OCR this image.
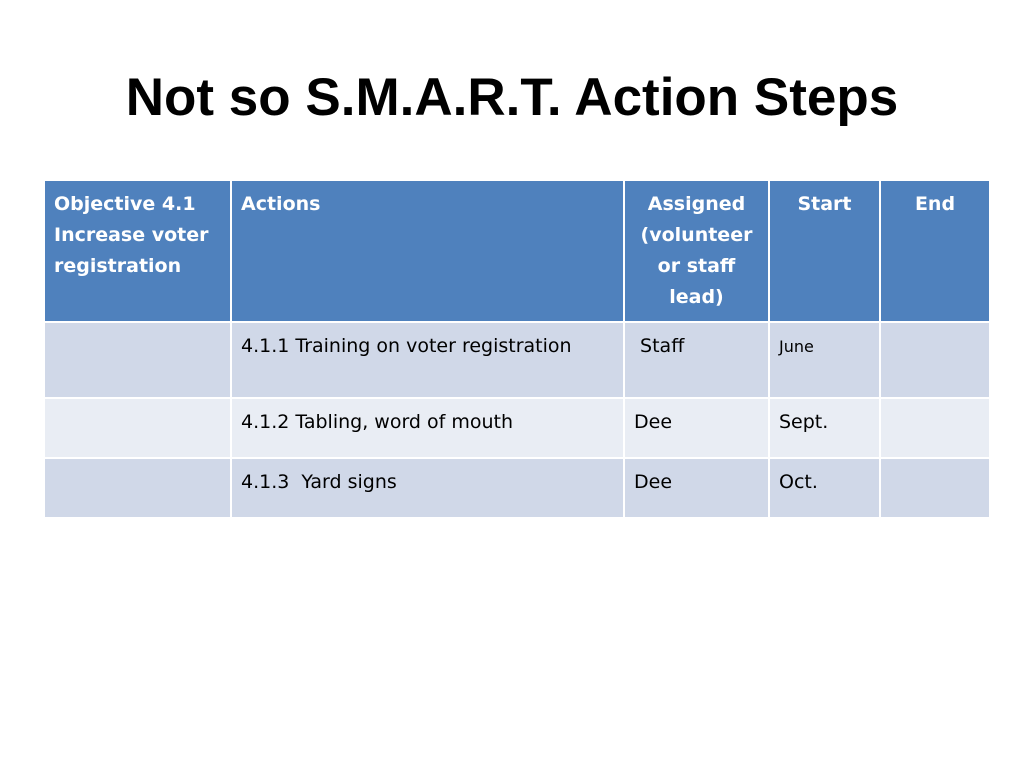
Not so S.M.A.R.T. Action Steps
Objective 4.1 Increase voter registration	Actions	Assigned (volunteer or staff lead)	Start	End
	4.1.1 Training on voter registration	Staff	June	
	4.1.2 Tabling, word of mouth	Dee	Sept.	
	4.1.3  Yard signs	Dee	Oct.	
